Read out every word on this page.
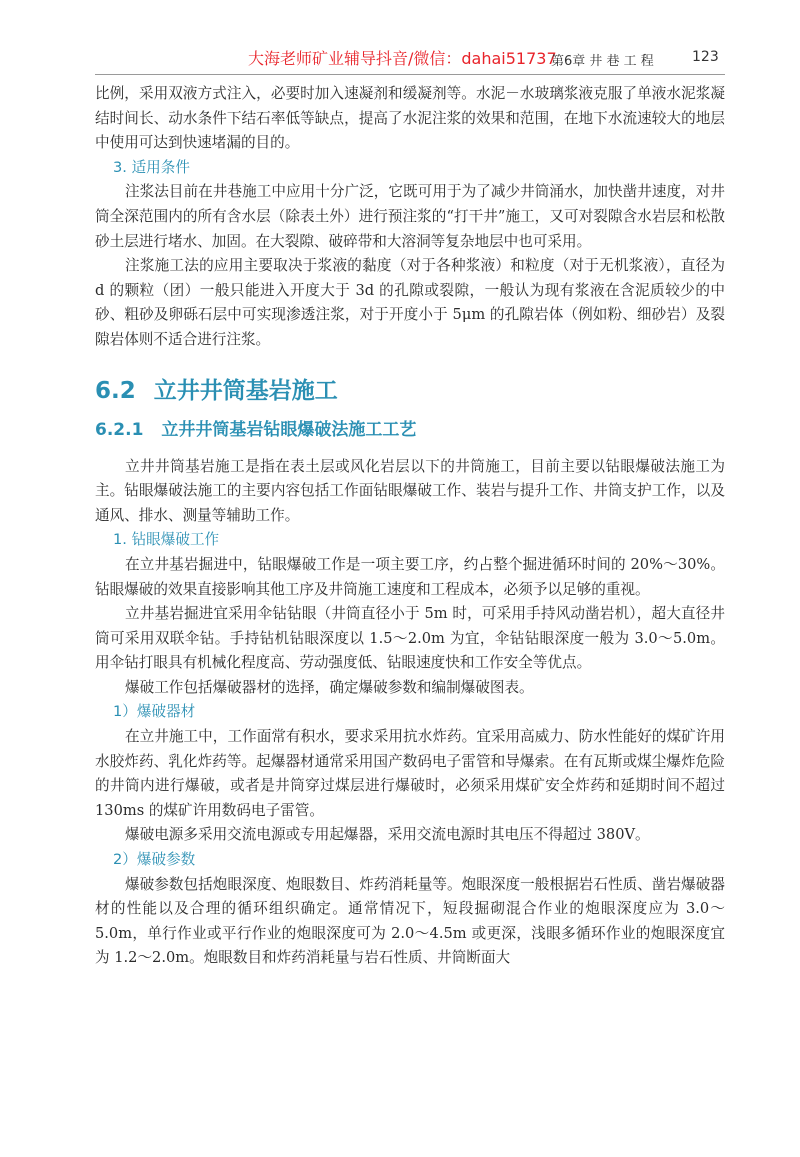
大海老师矿业辅导抖音/微信：dahai51737
第6章 井 巷 工 程	123

比例，采用双液方式注入，必要时加入速凝剂和缓凝剂等。水泥－水玻璃浆液克服了单液水泥浆凝结时间长、动水条件下结石率低等缺点，提高了水泥注浆的效果和范围，在地下水流速较大的地层中使用可达到快速堵漏的目的。

3. 适用条件

注浆法目前在井巷施工中应用十分广泛，它既可用于为了减少井筒涌水，加快凿井速度，对井筒全深范围内的所有含水层（除表土外）进行预注浆的“打干井”施工，又可对裂隙含水岩层和松散砂土层进行堵水、加固。在大裂隙、破碎带和大溶洞等复杂地层中也可采用。

注浆施工法的应用主要取决于浆液的黏度（对于各种浆液）和粒度（对于无机浆液），直径为 d 的颗粒（团）一般只能进入开度大于 3d 的孔隙或裂隙，一般认为现有浆液在含泥质较少的中砂、粗砂及卵砾石层中可实现渗透注浆，对于开度小于 5μm 的孔隙岩体（例如粉、细砂岩）及裂隙岩体则不适合进行注浆。

6.2 立井井筒基岩施工
6.2.1 立井井筒基岩钻眼爆破法施工工艺

立井井筒基岩施工是指在表土层或风化岩层以下的井筒施工，目前主要以钻眼爆破法施工为主。钻眼爆破法施工的主要内容包括工作面钻眼爆破工作、装岩与提升工作、井筒支护工作，以及通风、排水、测量等辅助工作。

1. 钻眼爆破工作

在立井基岩掘进中，钻眼爆破工作是一项主要工序，约占整个掘进循环时间的 20%～30%。钻眼爆破的效果直接影响其他工序及井筒施工速度和工程成本，必须予以足够的重视。

立井基岩掘进宜采用伞钻钻眼（井筒直径小于 5m 时，可采用手持风动凿岩机），超大直径井筒可采用双联伞钻。手持钻机钻眼深度以 1.5～2.0m 为宜，伞钻钻眼深度一般为 3.0～5.0m。用伞钻打眼具有机械化程度高、劳动强度低、钻眼速度快和工作安全等优点。

爆破工作包括爆破器材的选择，确定爆破参数和编制爆破图表。

1）爆破器材

在立井施工中，工作面常有积水，要求采用抗水炸药。宜采用高威力、防水性能好的煤矿许用水胶炸药、乳化炸药等。起爆器材通常采用国产数码电子雷管和导爆索。在有瓦斯或煤尘爆炸危险的井筒内进行爆破，或者是井筒穿过煤层进行爆破时，必须采用煤矿安全炸药和延期时间不超过 130ms 的煤矿许用数码电子雷管。

爆破电源多采用交流电源或专用起爆器，采用交流电源时其电压不得超过 380V。

2）爆破参数

爆破参数包括炮眼深度、炮眼数目、炸药消耗量等。炮眼深度一般根据岩石性质、凿岩爆破器材的性能以及合理的循环组织确定。通常情况下，短段掘砌混合作业的炮眼深度应为 3.0～5.0m，单行作业或平行作业的炮眼深度可为 2.0～4.5m 或更深，浅眼多循环作业的炮眼深度宜为 1.2～2.0m。炮眼数目和炸药消耗量与岩石性质、井筒断面大
